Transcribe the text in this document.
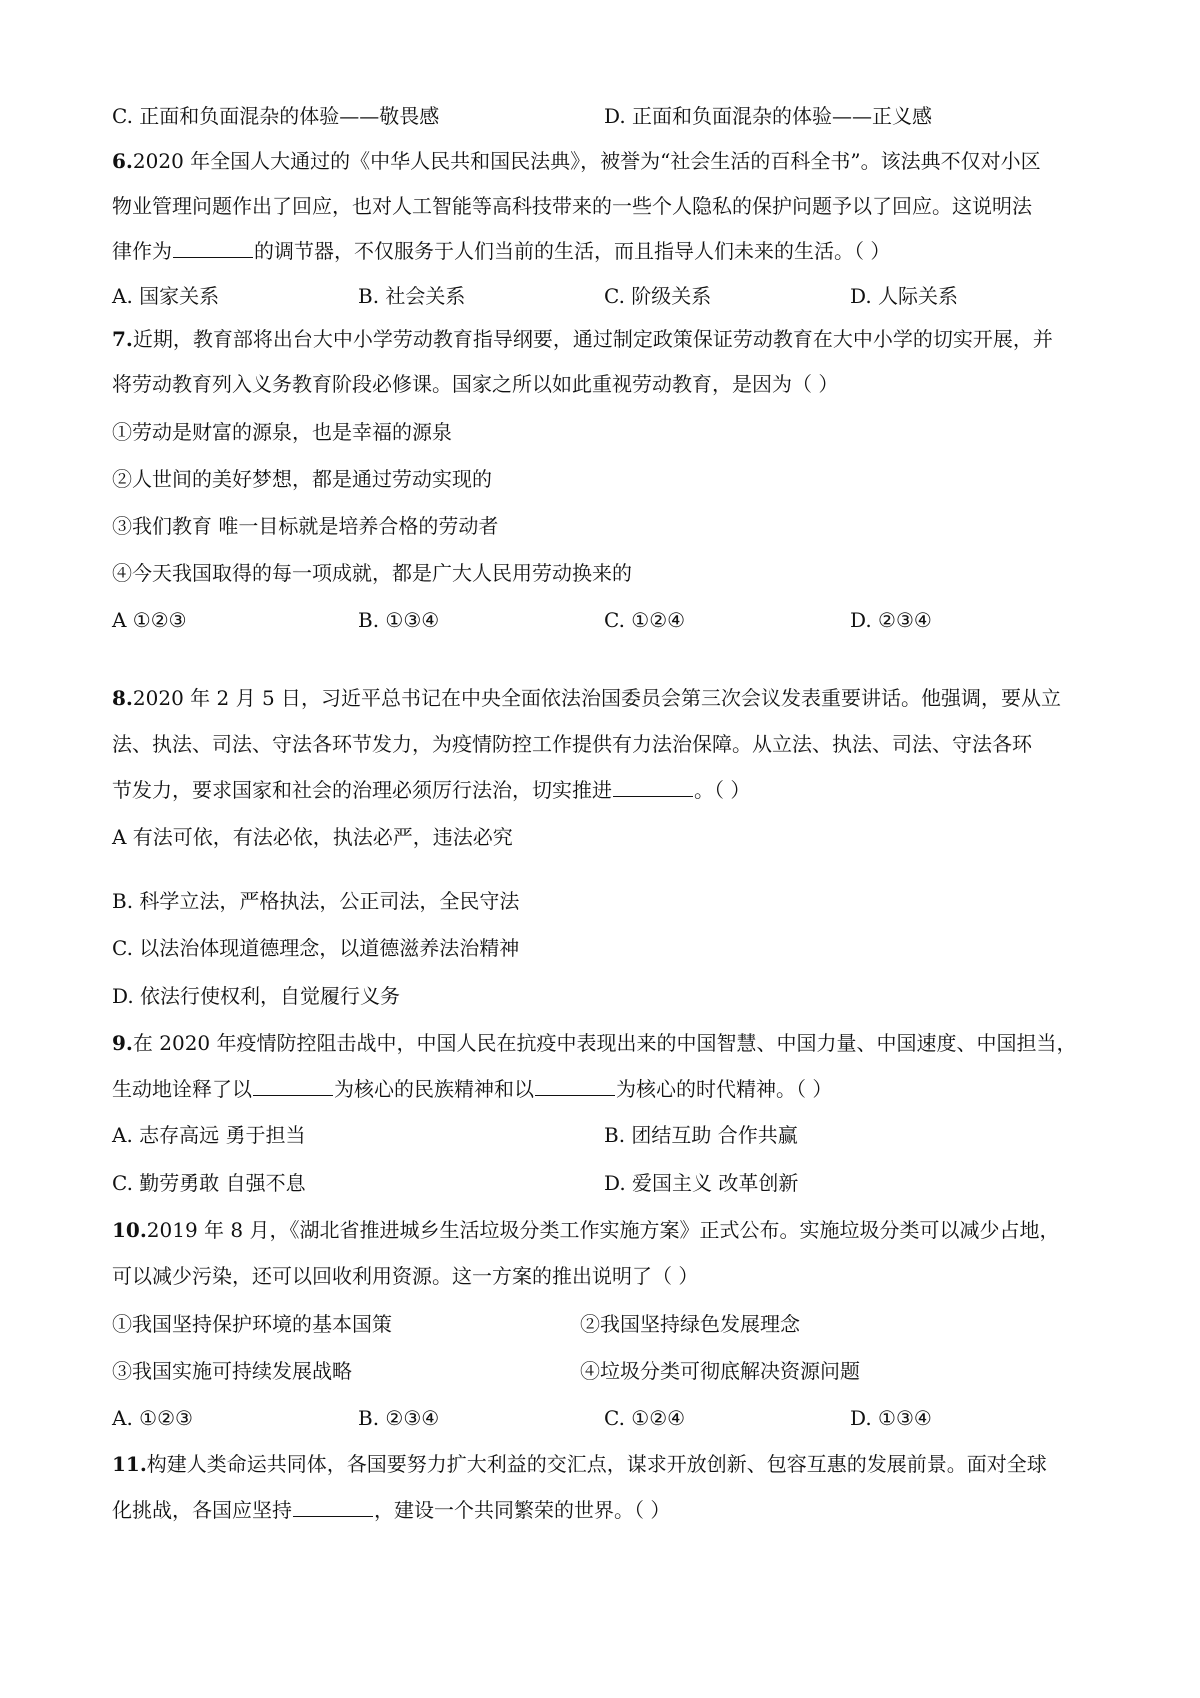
C. 正面和负面混杂的体验——敬畏感	D. 正面和负面混杂的体验——正义感
6.2020 年全国人大通过的《中华人民共和国民法典》，被誉为“社会生活的百科全书”。该法典不仅对小区
物业管理问题作出了回应，也对人工智能等高科技带来的一些个人隐私的保护问题予以了回应。这说明法
律作为	的调节器，不仅服务于人们当前的生活，而且指导人们未来的生活。（ ）
A. 国家关系	B. 社会关系	C. 阶级关系	D. 人际关系
7.近期，教育部将出台大中小学劳动教育指导纲要，通过制定政策保证劳动教育在大中小学的切实开展，并
将劳动教育列入义务教育阶段必修课。国家之所以如此重视劳动教育，是因为（ ）
①劳动是财富的源泉，也是幸福的源泉
②人世间的美好梦想，都是通过劳动实现的
③我们教育 唯一目标就是培养合格的劳动者
④今天我国取得的每一项成就，都是广大人民用劳动换来的
A ①②③	B. ①③④	C. ①②④	D. ②③④
8.2020 年 2 月 5 日，习近平总书记在中央全面依法治国委员会第三次会议发表重要讲话。他强调，要从立
法、执法、司法、守法各环节发力，为疫情防控工作提供有力法治保障。从立法、执法、司法、守法各环
节发力，要求国家和社会的治理必须厉行法治，切实推进	。（ ）
A 有法可依，有法必依，执法必严，违法必究
B. 科学立法，严格执法，公正司法，全民守法
C. 以法治体现道德理念，以道德滋养法治精神
D. 依法行使权利，自觉履行义务
9.在 2020 年疫情防控阻击战中，中国人民在抗疫中表现出来的中国智慧、中国力量、中国速度、中国担当，
生动地诠释了以	为核心的民族精神和以	为核心的时代精神。（ ）
A. 志存高远 勇于担当	B. 团结互助 合作共赢
C. 勤劳勇敢 自强不息	D. 爱国主义 改革创新
10.2019 年 8 月，《湖北省推进城乡生活垃圾分类工作实施方案》正式公布。实施垃圾分类可以减少占地，
可以减少污染，还可以回收利用资源。这一方案的推出说明了（ ）
①我国坚持保护环境的基本国策	②我国坚持绿色发展理念
③我国实施可持续发展战略	④垃圾分类可彻底解决资源问题
A. ①②③	B. ②③④	C. ①②④	D. ①③④
11.构建人类命运共同体，各国要努力扩大利益的交汇点，谋求开放创新、包容互惠的发展前景。面对全球
化挑战，各国应坚持	，建设一个共同繁荣的世界。（ ）
